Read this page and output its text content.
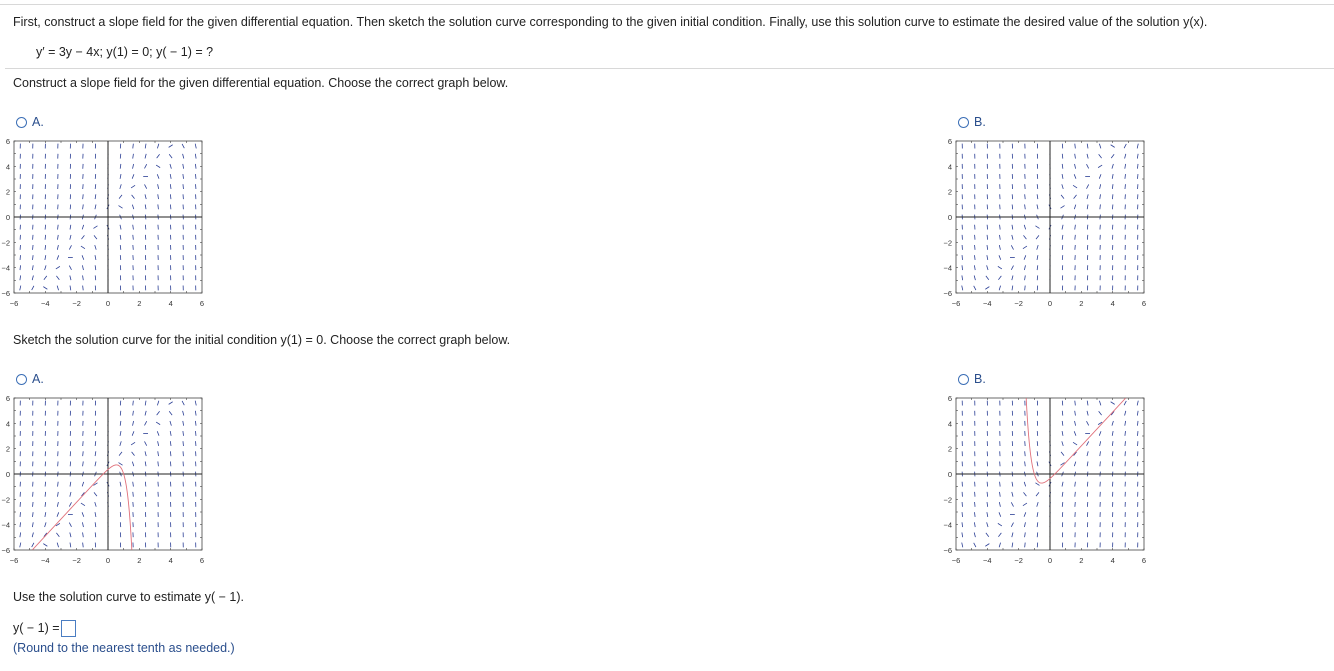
First, construct a slope field for the given differential equation. Then sketch the solution curve corresponding to the given initial condition. Finally, use this solution curve to estimate the desired value of the solution y(x).
y′ = 3y − 4x; y(1) = 0; y( − 1) = ?
Construct a slope field for the given differential equation. Choose the correct graph below.
A.	B.
−6	−4	−2	0	2	4	6
6
4
2
0
−2
−4
−6
−6	−4	−2	0	2	4	6
6
4
2
0
−2
−4
−6
Sketch the solution curve for the initial condition y(1) = 0. Choose the correct graph below.
A.	B.
−6	−4	−2	0	2	4	6
6
4
2
0
−2
−4
−6
−6	−4	−2	0	2	4	6
6
4
2
0
−2
−4
−6
Use the solution curve to estimate y( − 1).
y( − 1) =
(Round to the nearest tenth as needed.)
